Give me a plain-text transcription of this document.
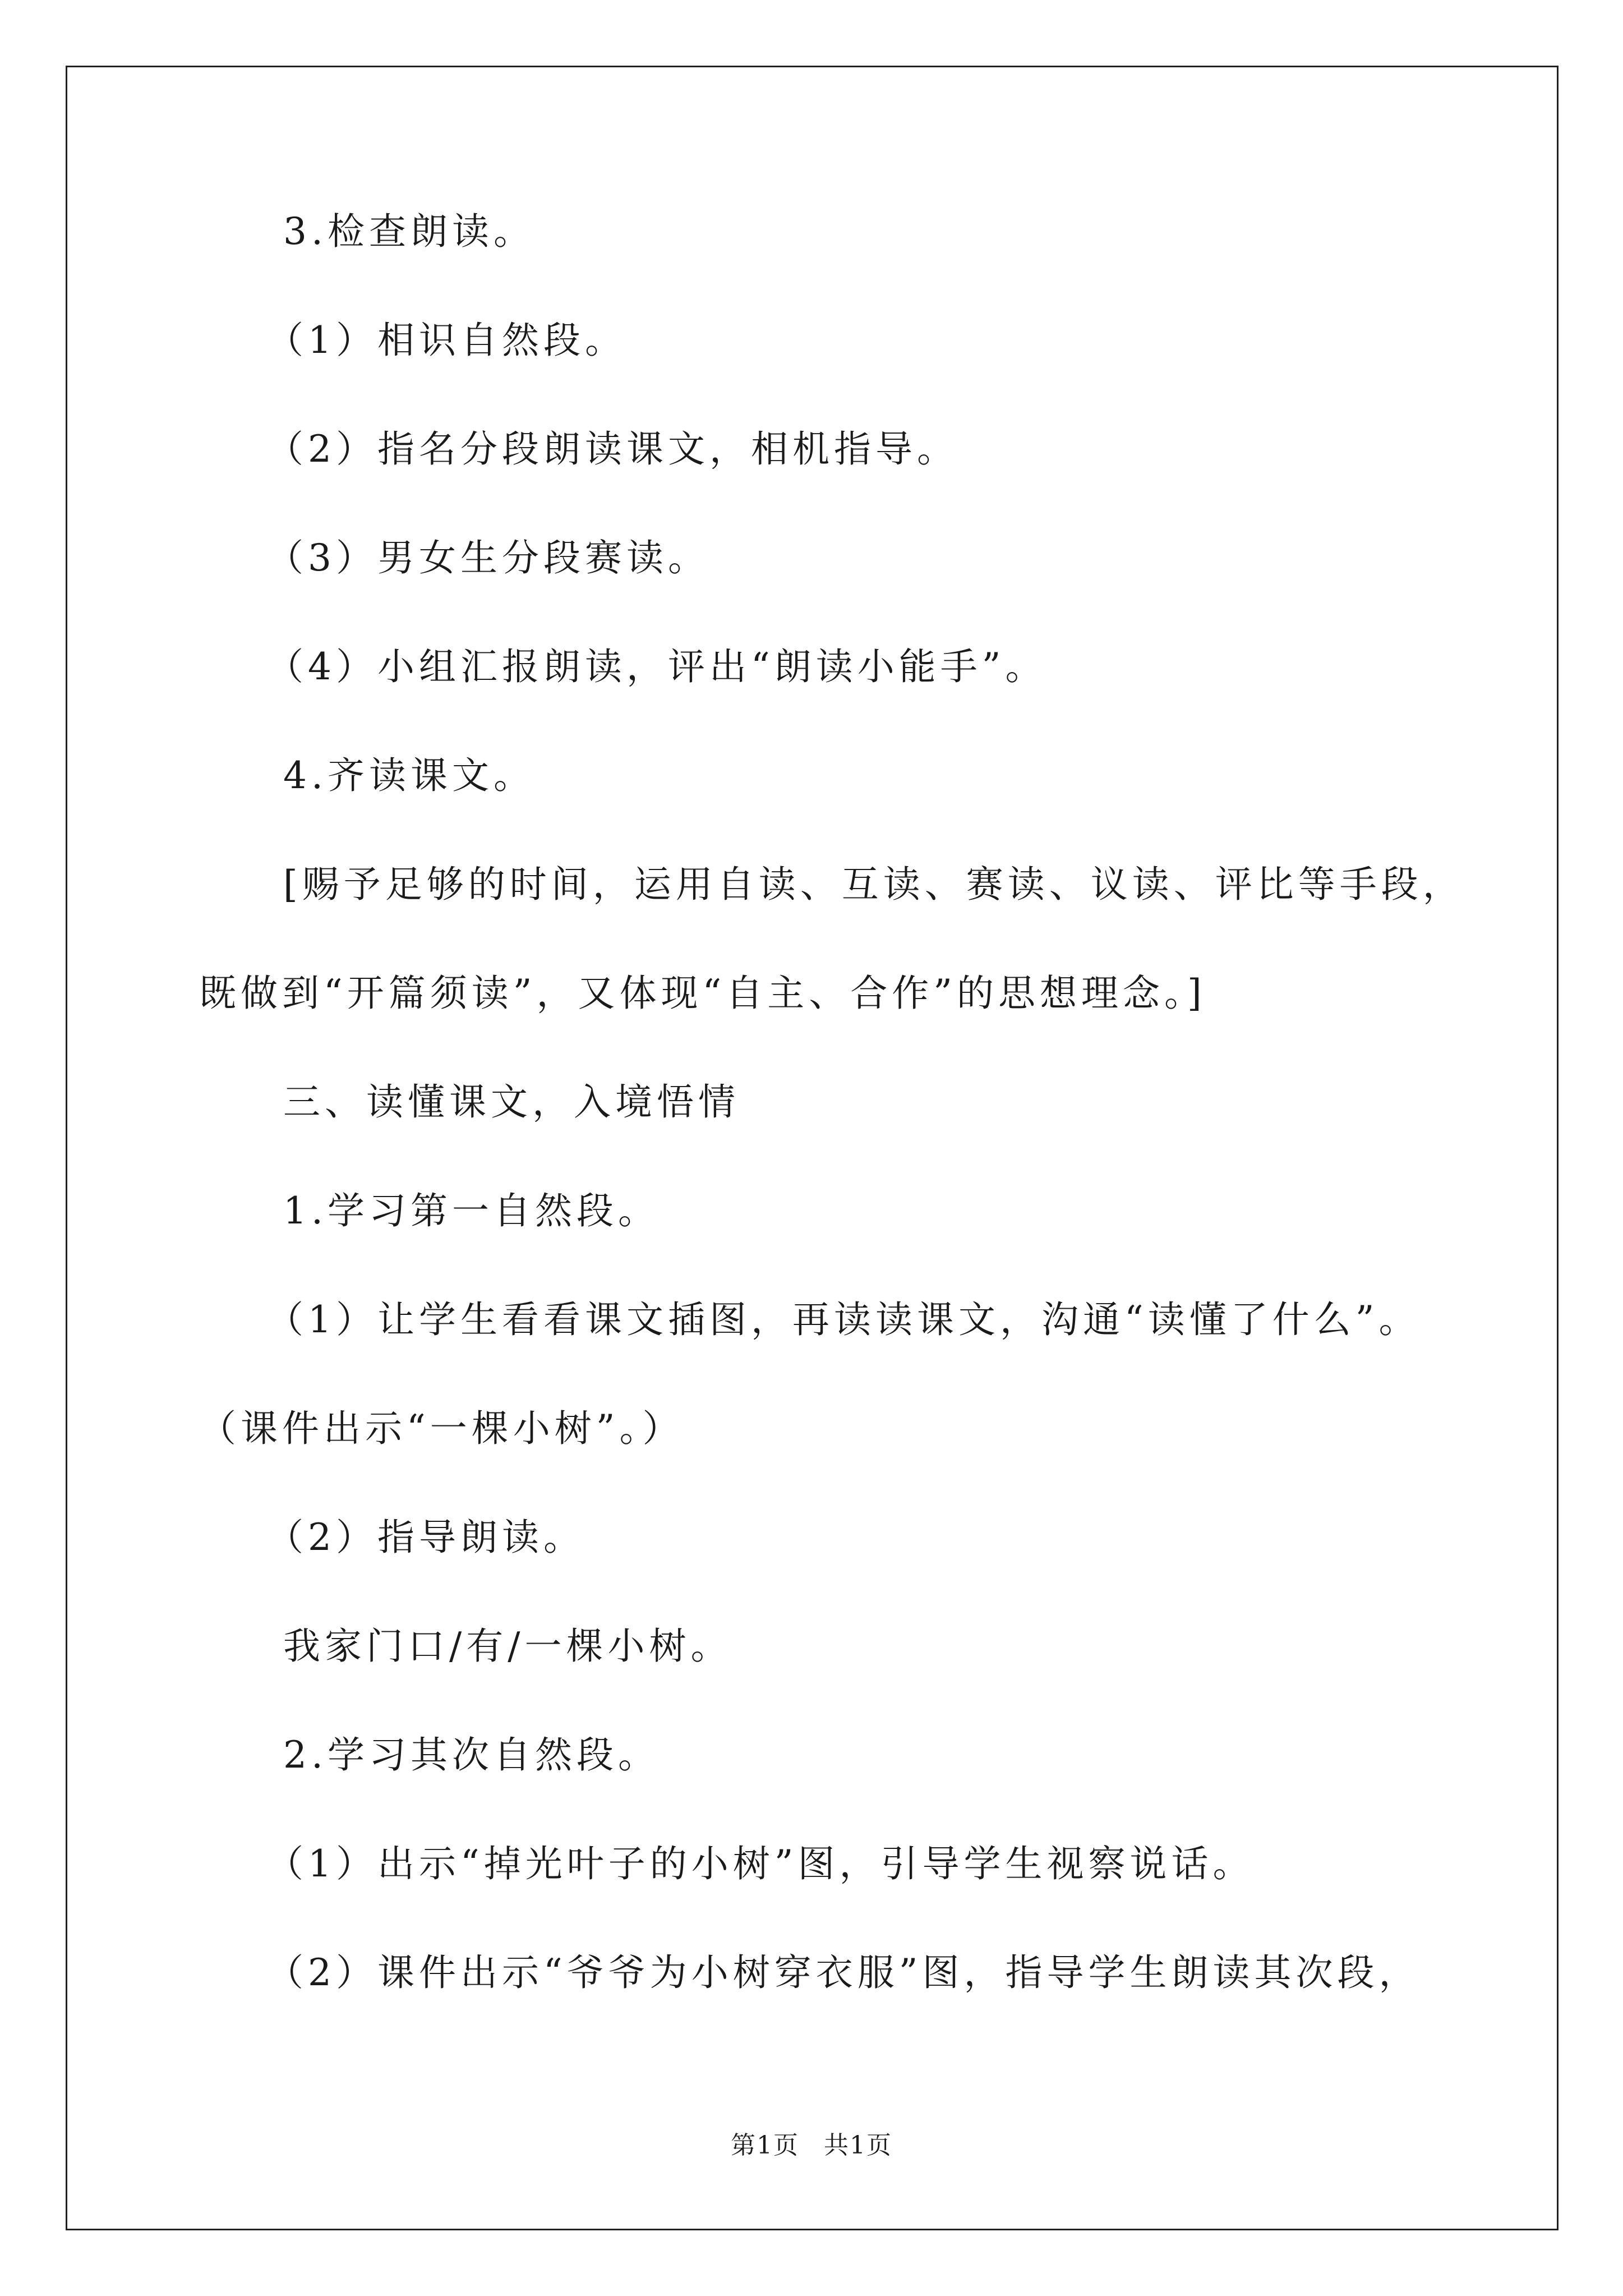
3.检查朗读。

（1）相识自然段。

（2）指名分段朗读课文，相机指导。

（3）男女生分段赛读。

（4）小组汇报朗读，评出“朗读小能手”。

4.齐读课文。

[赐予足够的时间，运用自读、互读、赛读、议读、评比等手段，

既做到“开篇须读”，又体现“自主、合作”的思想理念。]

三、读懂课文，入境悟情

1.学习第一自然段。

（1）让学生看看课文插图，再读读课文，沟通“读懂了什么”。

（课件出示“一棵小树”。）

（2）指导朗读。

我家门口/有/一棵小树。

2.学习其次自然段。

（1）出示“掉光叶子的小树”图，引导学生视察说话。

（2）课件出示“爷爷为小树穿衣服”图，指导学生朗读其次段，

第1页 共1页
